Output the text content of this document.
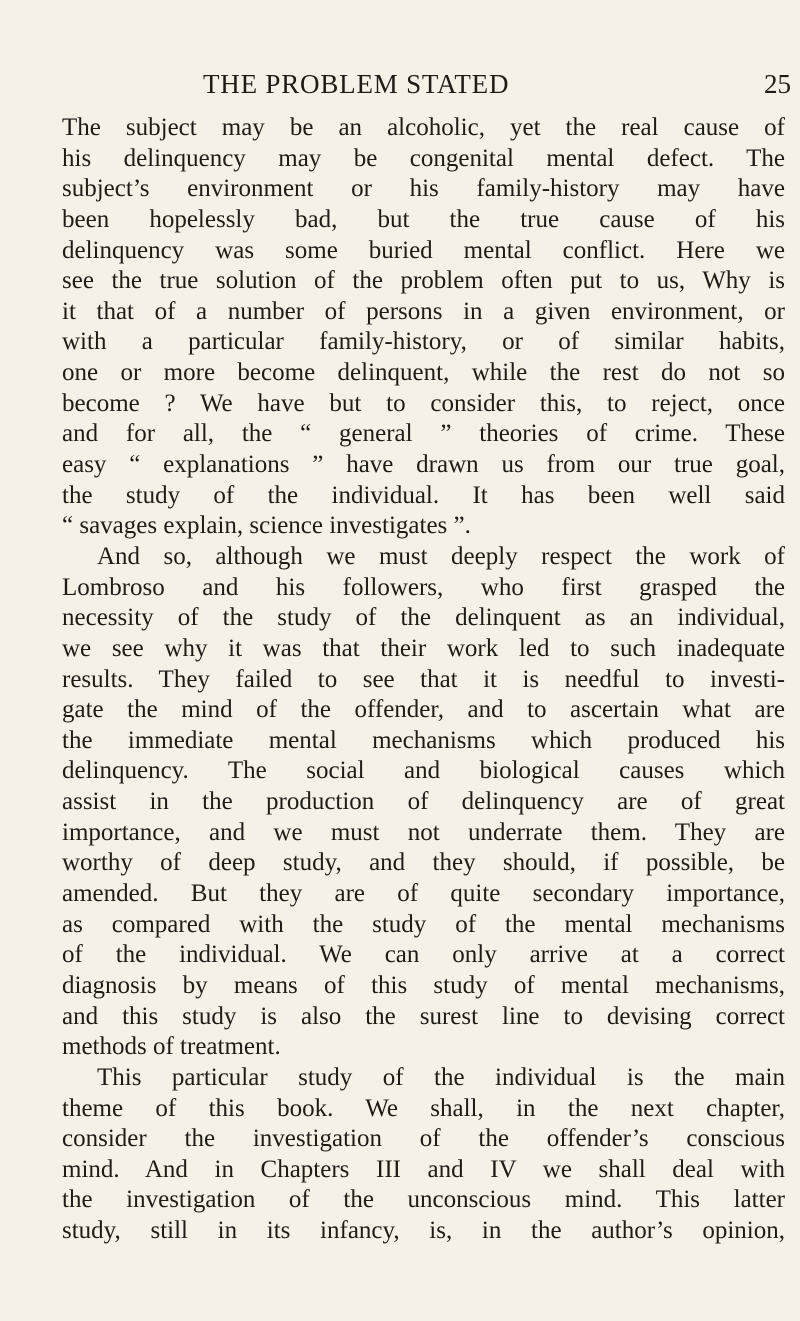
THE PROBLEM STATED	25
The subject may be an alcoholic, yet the real cause of
his delinquency may be congenital mental defect. The
subject’s environment or his family-history may have
been hopelessly bad, but the true cause of his
delinquency was some buried mental conflict. Here we
see the true solution of the problem often put to us, Why is
it that of a number of persons in a given environment, or
with a particular family-history, or of similar habits,
one or more become delinquent, while the rest do not so
become ? We have but to consider this, to reject, once
and for all, the “ general ” theories of crime. These
easy “ explanations ” have drawn us from our true goal,
the study of the individual. It has been well said
“ savages explain, science investigates ”.
And so, although we must deeply respect the work of
Lombroso and his followers, who first grasped the
necessity of the study of the delinquent as an individual,
we see why it was that their work led to such inadequate
results. They failed to see that it is needful to investi-
gate the mind of the offender, and to ascertain what are
the immediate mental mechanisms which produced his
delinquency. The social and biological causes which
assist in the production of delinquency are of great
importance, and we must not underrate them. They are
worthy of deep study, and they should, if possible, be
amended. But they are of quite secondary importance,
as compared with the study of the mental mechanisms
of the individual. We can only arrive at a correct
diagnosis by means of this study of mental mechanisms,
and this study is also the surest line to devising correct
methods of treatment.
This particular study of the individual is the main
theme of this book. We shall, in the next chapter,
consider the investigation of the offender’s conscious
mind. And in Chapters III and IV we shall deal with
the investigation of the unconscious mind. This latter
study, still in its infancy, is, in the author’s opinion,
